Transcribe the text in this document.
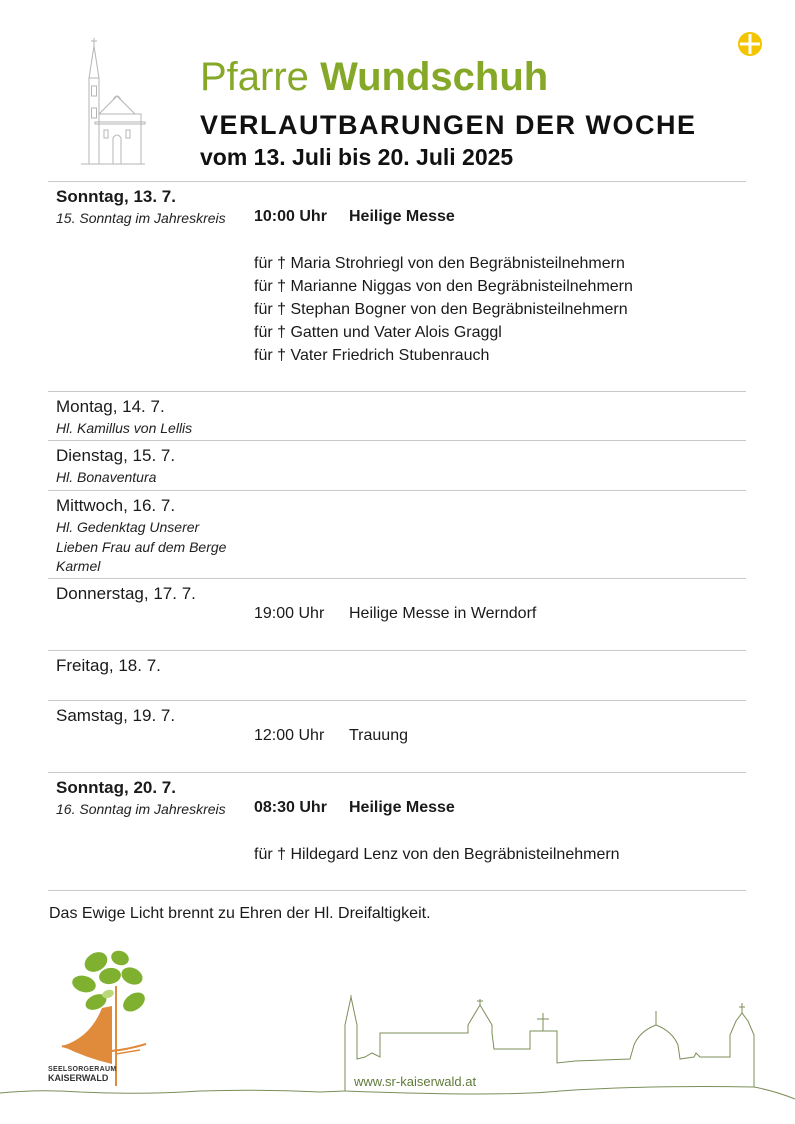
Pfarre Wundschuh
VERLAUTBARUNGEN DER WOCHE
vom 13. Juli bis 20. Juli 2025
Sonntag, 13. 7.
15. Sonntag im Jahreskreis 10:00 Uhr Heilige Messe
für † Maria Strohriegl von den Begräbnisteilnehmern
für † Marianne Niggas von den Begräbnisteilnehmern
für † Stephan Bogner von den Begräbnisteilnehmern
für † Gatten und Vater Alois Graggl
für † Vater Friedrich Stubenrauch
Montag, 14. 7.
Hl. Kamillus von Lellis
Dienstag, 15. 7.
Hl. Bonaventura
Mittwoch, 16. 7.
Hl. Gedenktag Unserer
Lieben Frau auf dem Berge
Karmel
Donnerstag, 17. 7.
19:00 Uhr Heilige Messe in Werndorf
Freitag, 18. 7.
Samstag, 19. 7.
12:00 Uhr Trauung
Sonntag, 20. 7.
16. Sonntag im Jahreskreis 08:30 Uhr Heilige Messe
für † Hildegard Lenz von den Begräbnisteilnehmern
Das Ewige Licht brennt zu Ehren der Hl. Dreifaltigkeit.
SEELSORGERAUM
KAISERWALD	www.sr-kaiserwald.at
